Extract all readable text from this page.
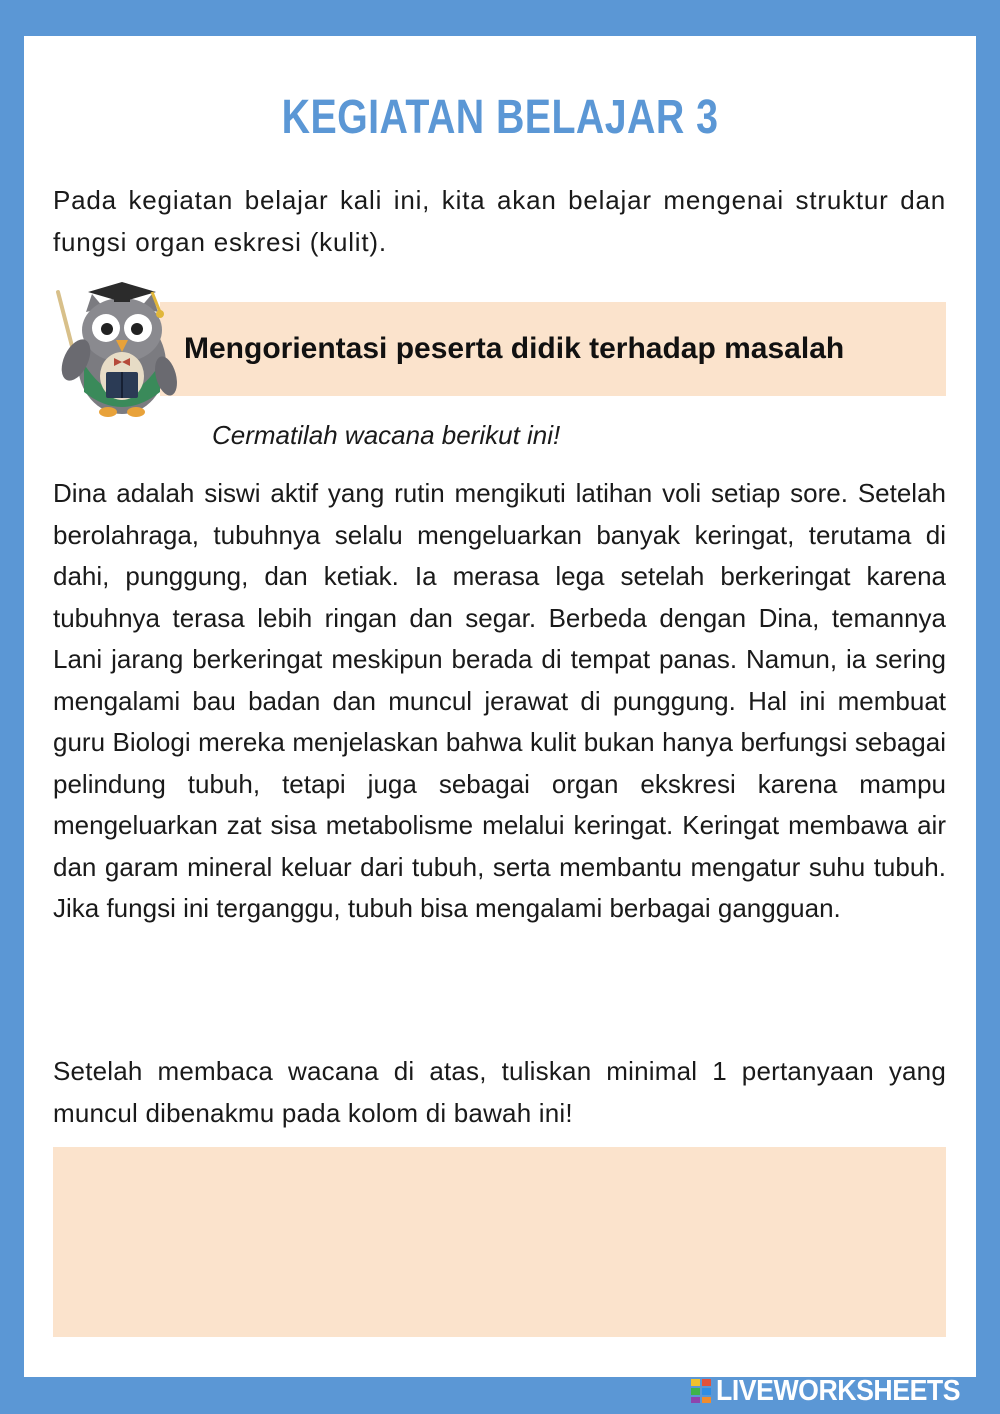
KEGIATAN BELAJAR 3

Pada kegiatan belajar kali ini, kita akan belajar mengenai struktur dan fungsi organ eskresi (kulit).

Mengorientasi peserta didik terhadap masalah
Cermatilah wacana berikut ini!

Dina adalah siswi aktif yang rutin mengikuti latihan voli setiap sore. Setelah berolahraga, tubuhnya selalu mengeluarkan banyak keringat, terutama di dahi, punggung, dan ketiak. Ia merasa lega setelah berkeringat karena tubuhnya terasa lebih ringan dan segar. Berbeda dengan Dina, temannya Lani jarang berkeringat meskipun berada di tempat panas. Namun, ia sering mengalami bau badan dan muncul jerawat di punggung. Hal ini membuat guru Biologi mereka menjelaskan bahwa kulit bukan hanya berfungsi sebagai pelindung tubuh, tetapi juga sebagai organ ekskresi karena mampu mengeluarkan zat sisa metabolisme melalui keringat. Keringat membawa air dan garam mineral keluar dari tubuh, serta membantu mengatur suhu tubuh. Jika fungsi ini terganggu, tubuh bisa mengalami berbagai gangguan.

Setelah membaca wacana di atas, tuliskan minimal 1 pertanyaan yang muncul dibenakmu pada kolom di bawah ini!

LIVEWORKSHEETS
